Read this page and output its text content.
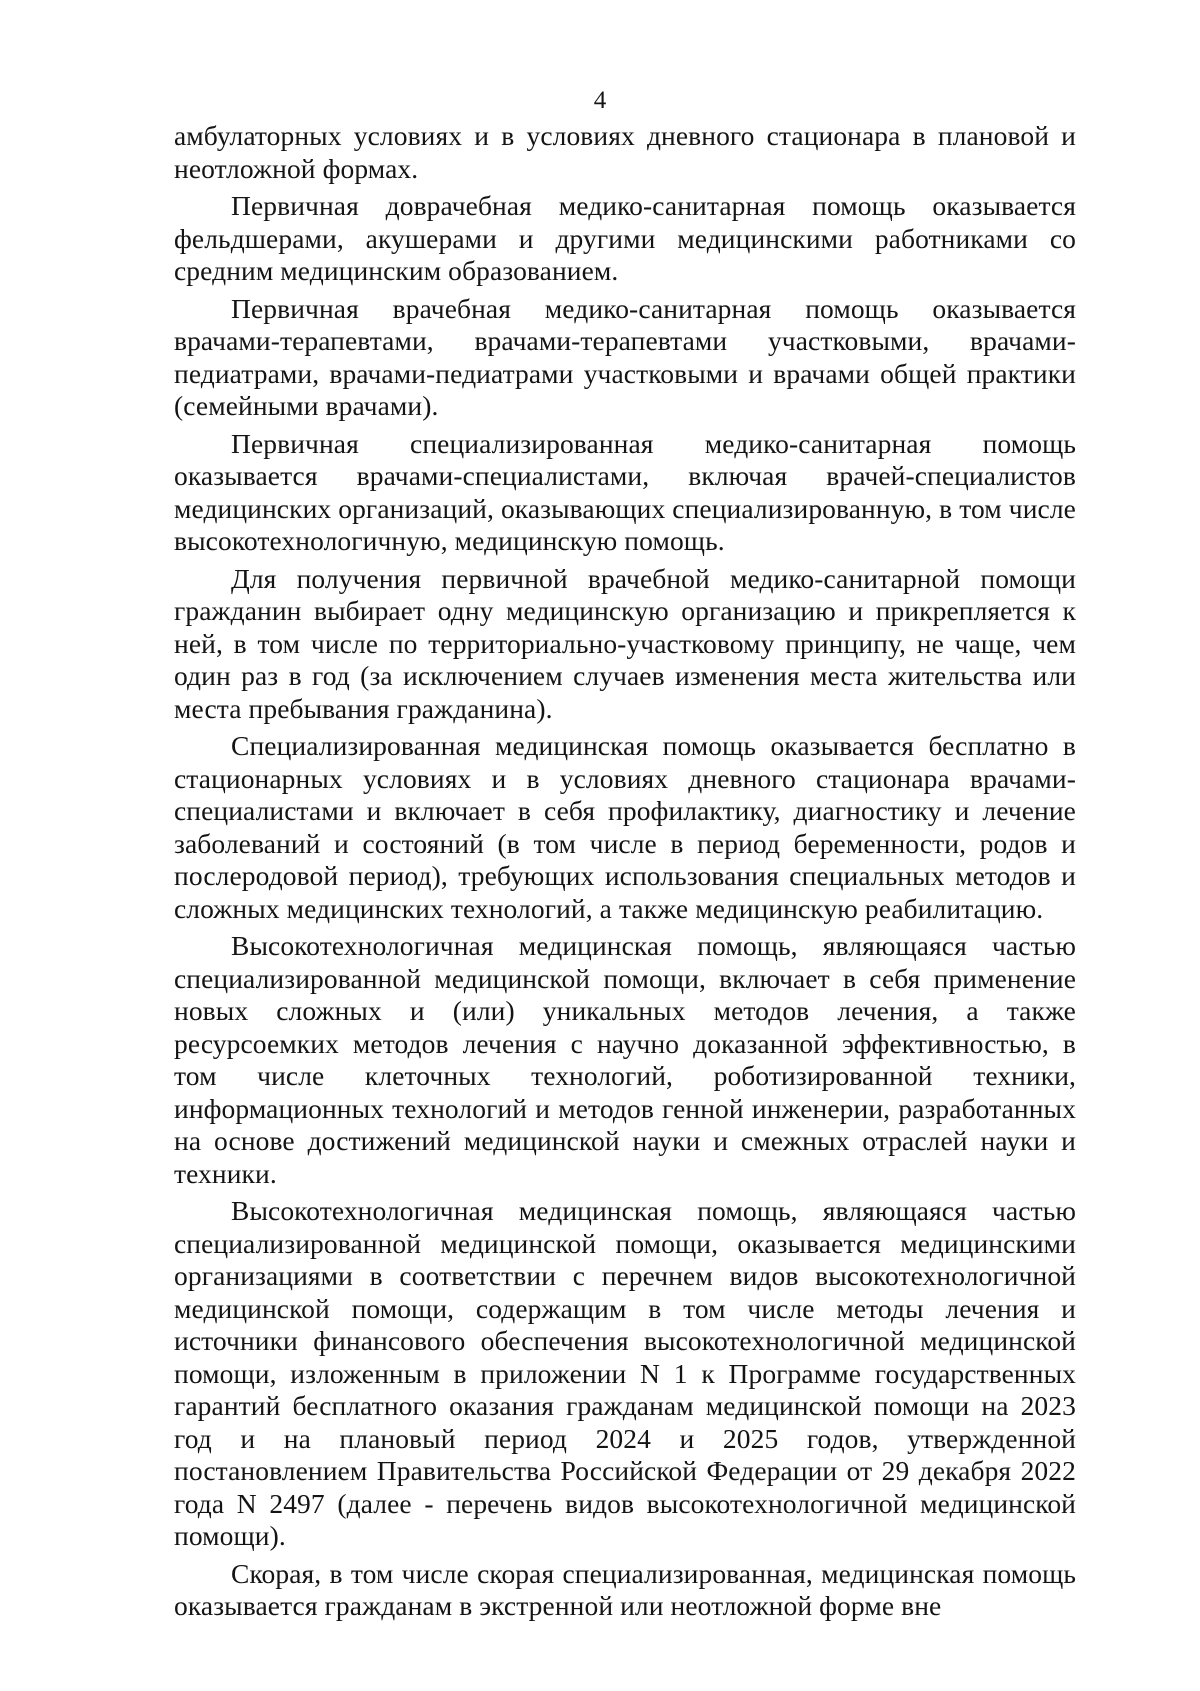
4

амбулаторных условиях и в условиях дневного стационара в плановой и неотложной формах.

Первичная доврачебная медико-санитарная помощь оказывается фельдшерами, акушерами и другими медицинскими работниками со средним медицинским образованием.

Первичная врачебная медико-санитарная помощь оказывается врачами-терапевтами, врачами-терапевтами участковыми, врачами-педиатрами, врачами-педиатрами участковыми и врачами общей практики (семейными врачами).

Первичная специализированная медико-санитарная помощь оказывается врачами-специалистами, включая врачей-специалистов медицинских организаций, оказывающих специализированную, в том числе высокотехнологичную, медицинскую помощь.

Для получения первичной врачебной медико-санитарной помощи гражданин выбирает одну медицинскую организацию и прикрепляется к ней, в том числе по территориально-участковому принципу, не чаще, чем один раз в год (за исключением случаев изменения места жительства или места пребывания гражданина).

Специализированная медицинская помощь оказывается бесплатно в стационарных условиях и в условиях дневного стационара врачами-специалистами и включает в себя профилактику, диагностику и лечение заболеваний и состояний (в том числе в период беременности, родов и послеродовой период), требующих использования специальных методов и сложных медицинских технологий, а также медицинскую реабилитацию.

Высокотехнологичная медицинская помощь, являющаяся частью специализированной медицинской помощи, включает в себя применение новых сложных и (или) уникальных методов лечения, а также ресурсоемких методов лечения с научно доказанной эффективностью, в том числе клеточных технологий, роботизированной техники, информационных технологий и методов генной инженерии, разработанных на основе достижений медицинской науки и смежных отраслей науки и техники.

Высокотехнологичная медицинская помощь, являющаяся частью специализированной медицинской помощи, оказывается медицинскими организациями в соответствии с перечнем видов высокотехнологичной медицинской помощи, содержащим в том числе методы лечения и источники финансового обеспечения высокотехнологичной медицинской помощи, изложенным в приложении N 1 к Программе государственных гарантий бесплатного оказания гражданам медицинской помощи на 2023 год и на плановый период 2024 и 2025 годов, утвержденной постановлением Правительства Российской Федерации от 29 декабря 2022 года N 2497 (далее - перечень видов высокотехнологичной медицинской помощи).

Скорая, в том числе скорая специализированная, медицинская помощь оказывается гражданам в экстренной или неотложной форме вне
